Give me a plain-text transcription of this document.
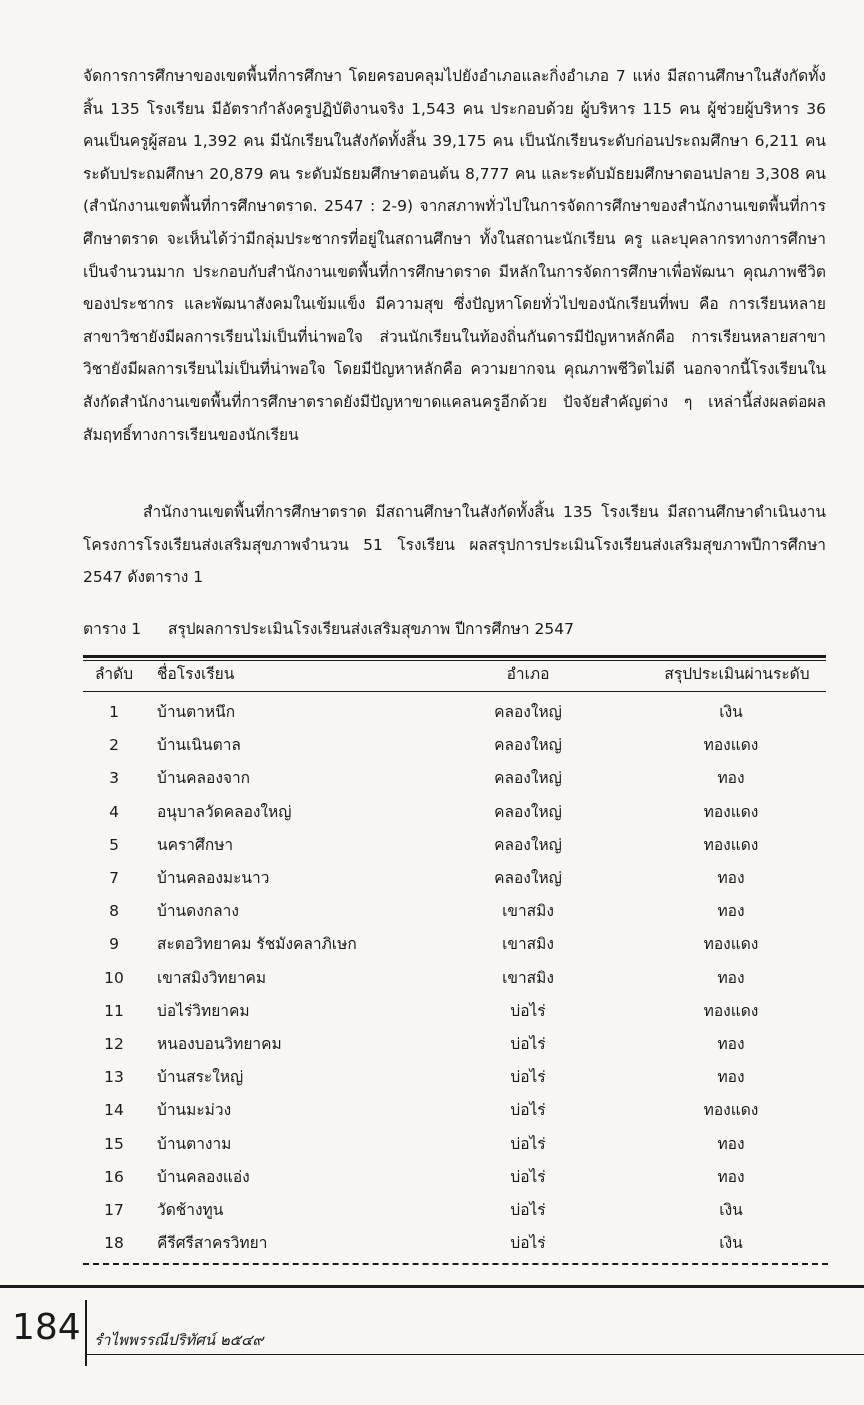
จัดการการศึกษาของเขตพื้นที่การศึกษา โดยครอบคลุมไปยังอำเภอและกิ่งอำเภอ 7 แห่ง มีสถานศึกษาในสังกัดทั้งสิ้น 135 โรงเรียน มีอัตรากำลังครูปฏิบัติงานจริง 1,543 คน ประกอบด้วย ผู้บริหาร 115 คน ผู้ช่วยผู้บริหาร 36 คนเป็นครูผู้สอน 1,392 คน มีนักเรียนในสังกัดทั้งสิ้น 39,175 คน เป็นนักเรียนระดับก่อนประถมศึกษา 6,211 คน ระดับประถมศึกษา 20,879 คน ระดับมัธยมศึกษาตอนต้น 8,777 คน และระดับมัธยมศึกษาตอนปลาย 3,308 คน (สำนักงานเขตพื้นที่การศึกษาตราด. 2547 : 2-9) จากสภาพทั่วไปในการจัดการศึกษาของสำนักงานเขตพื้นที่การศึกษาตราด จะเห็นได้ว่ามีกลุ่มประชากรที่อยู่ในสถานศึกษา ทั้งในสถานะนักเรียน ครู และบุคลากรทางการศึกษาเป็นจำนวนมาก ประกอบกับสำนักงานเขตพื้นที่การศึกษาตราด มีหลักในการจัดการศึกษาเพื่อพัฒนา คุณภาพชีวิตของประชากร และพัฒนาสังคมในเข้มแข็ง มีความสุข ซึ่งปัญหาโดยทั่วไปของนักเรียนที่พบ คือ การเรียนหลายสาขาวิชายังมีผลการเรียนไม่เป็นที่น่าพอใจ ส่วนนักเรียนในท้องถิ่นกันดารมีปัญหาหลักคือ การเรียนหลายสาขาวิชายังมีผลการเรียนไม่เป็นที่น่าพอใจ โดยมีปัญหาหลักคือ ความยากจน คุณภาพชีวิตไม่ดี นอกจากนี้โรงเรียนในสังกัดสำนักงานเขตพื้นที่การศึกษาตราดยังมีปัญหาขาดแคลนครูอีกด้วย ปัจจัยสำคัญต่าง ๆ เหล่านี้ส่งผลต่อผลสัมฤทธิ์ทางการเรียนของนักเรียน

สำนักงานเขตพื้นที่การศึกษาตราด มีสถานศึกษาในสังกัดทั้งสิ้น 135 โรงเรียน มีสถานศึกษาดำเนินงานโครงการโรงเรียนส่งเสริมสุขภาพจำนวน 51 โรงเรียน ผลสรุปการประเมินโรงเรียนส่งเสริมสุขภาพปีการศึกษา 2547 ดังตาราง 1

ตาราง 1 สรุปผลการประเมินโรงเรียนส่งเสริมสุขภาพ ปีการศึกษา 2547
ลำดับ	ชื่อโรงเรียน	อำเภอ	สรุปประเมินผ่านระดับ
1	บ้านตาหนึก	คลองใหญ่	เงิน
2	บ้านเนินตาล	คลองใหญ่	ทองแดง
3	บ้านคลองจาก	คลองใหญ่	ทอง
4	อนุบาลวัดคลองใหญ่	คลองใหญ่	ทองแดง
5	นคราศึกษา	คลองใหญ่	ทองแดง
7	บ้านคลองมะนาว	คลองใหญ่	ทอง
8	บ้านดงกลาง	เขาสมิง	ทอง
9	สะตอวิทยาคม รัชมังคลาภิเษก	เขาสมิง	ทองแดง
10	เขาสมิงวิทยาคม	เขาสมิง	ทอง
11	บ่อไร่วิทยาคม	บ่อไร่	ทองแดง
12	หนองบอนวิทยาคม	บ่อไร่	ทอง
13	บ้านสระใหญ่	บ่อไร่	ทอง
14	บ้านมะม่วง	บ่อไร่	ทองแดง
15	บ้านตางาม	บ่อไร่	ทอง
16	บ้านคลองแอ่ง	บ่อไร่	ทอง
17	วัดช้างทูน	บ่อไร่	เงิน
18	คีรีศรีสาครวิทยา	บ่อไร่	เงิน
184 รำไพพรรณีปริทัศน์ ๒๕๔๙
